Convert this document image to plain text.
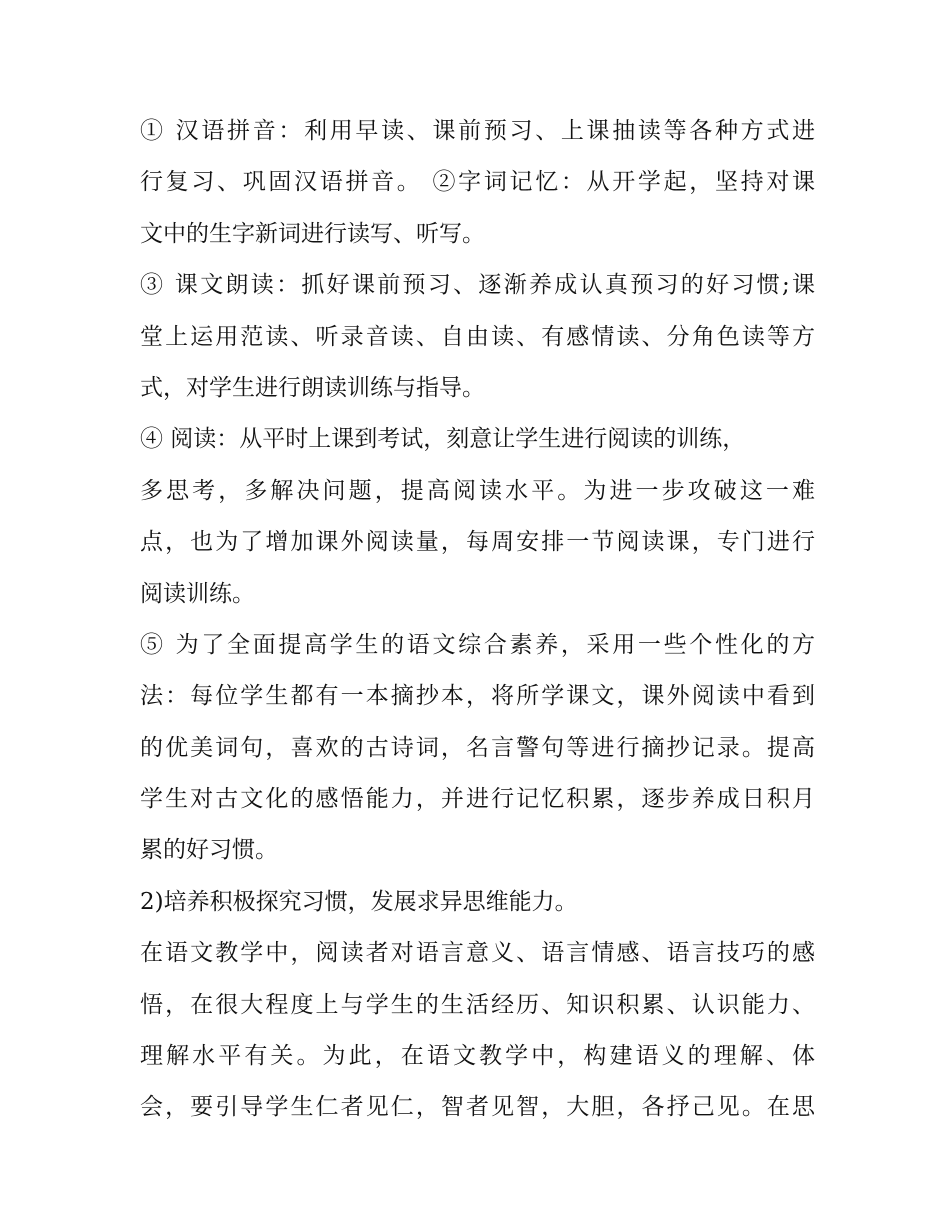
① 汉语拼音：利用早读、课前预习、上课抽读等各种方式进
行复习、巩固汉语拼音。 ②字词记忆：从开学起，坚持对课
文中的生字新词进行读写、听写。
③ 课文朗读：抓好课前预习、逐渐养成认真预习的好习惯;课
堂上运用范读、听录音读、自由读、有感情读、分角色读等方
式，对学生进行朗读训练与指导。
④ 阅读：从平时上课到考试，刻意让学生进行阅读的训练，
多思考，多解决问题，提高阅读水平。为进一步攻破这一难
点，也为了增加课外阅读量，每周安排一节阅读课，专门进行
阅读训练。
⑤ 为了全面提高学生的语文综合素养，采用一些个性化的方
法：每位学生都有一本摘抄本，将所学课文，课外阅读中看到
的优美词句，喜欢的古诗词，名言警句等进行摘抄记录。提高
学生对古文化的感悟能力，并进行记忆积累，逐步养成日积月
累的好习惯。
2)培养积极探究习惯，发展求异思维能力。
在语文教学中，阅读者对语言意义、语言情感、语言技巧的感
悟，在很大程度上与学生的生活经历、知识积累、认识能力、
理解水平有关。为此，在语文教学中，构建语义的理解、体
会，要引导学生仁者见仁，智者见智，大胆，各抒己见。在思
